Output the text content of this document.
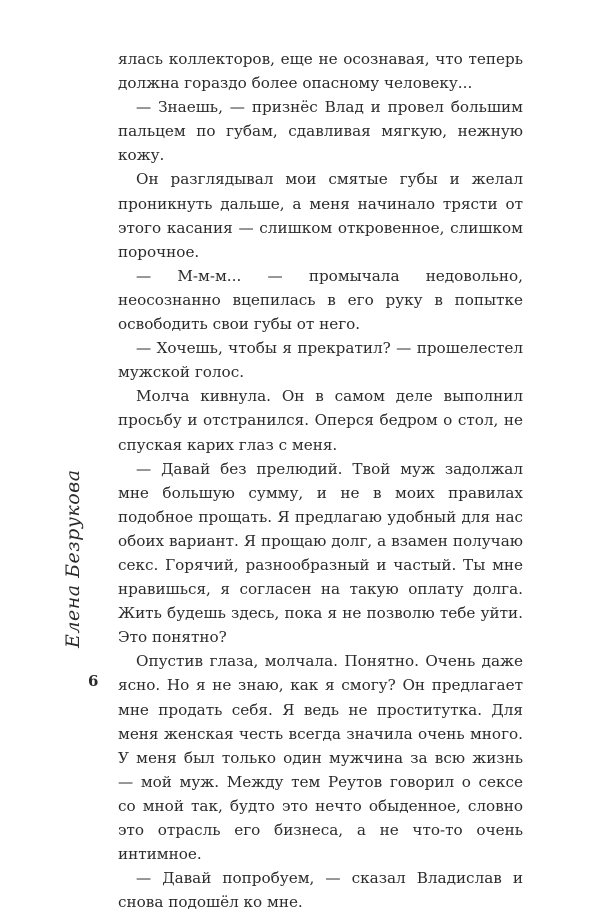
ялась коллекторов, еще не осознавая, что теперь должна гораздо более опасному человеку...

— Знаешь, — признёс Влад и провел большим пальцем по губам, сдавливая мягкую, нежную кожу.

Он разглядывал мои смятые губы и желал проникнуть дальше, а меня начинало трясти от этого касания — слишком откровенное, слишком порочное.

— М-м-м... — промычала недовольно, неосознанно вцепилась в его руку в попытке освободить свои губы от него.

— Хочешь, чтобы я прекратил? — прошелестел мужской голос.

Молча кивнула. Он в самом деле выполнил просьбу и отстранился. Оперся бедром о стол, не спуская карих глаз с меня.

— Давай без прелюдий. Твой муж задолжал мне большую сумму, и не в моих правилах подобное прощать. Я предлагаю удобный для нас обоих вариант. Я прощаю долг, а взамен получаю секс. Горячий, разнообразный и частый. Ты мне нравишься, я согласен на такую оплату долга. Жить будешь здесь, пока я не позволю тебе уйти. Это понятно?

Опустив глаза, молчала. Понятно. Очень даже ясно. Но я не знаю, как я смогу? Он предлагает мне продать себя. Я ведь не проститутка. Для меня женская честь всегда значила очень много. У меня был только один мужчина за всю жизнь — мой муж. Между тем Реутов говорил о сексе со мной так, будто это нечто обыденное, словно это отрасль его бизнеса, а не что-то очень интимное.

— Давай попробуем, — сказал Владислав и снова подошёл ко мне.

Елена Безрукова
6
